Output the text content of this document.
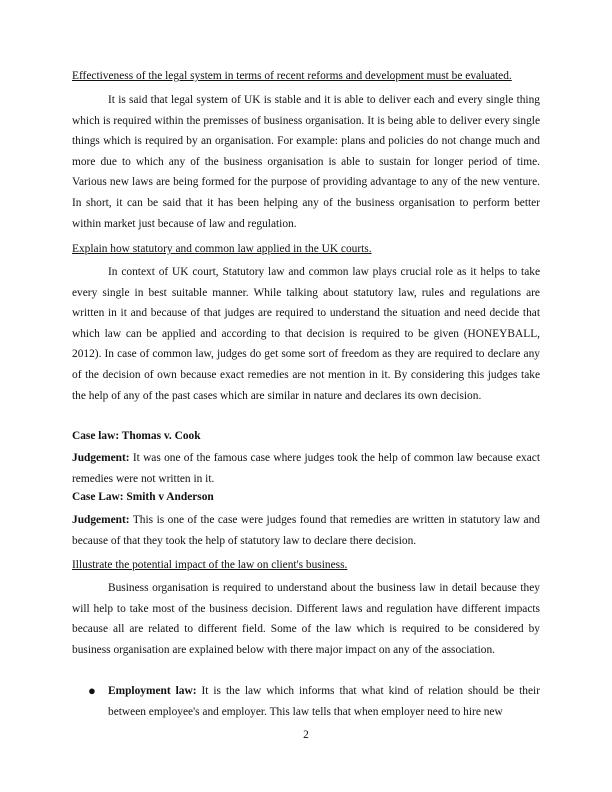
Effectiveness of the legal system in terms of recent reforms and development must be evaluated.

It is said that legal system of UK is stable and it is able to deliver each and every single thing which is required within the premisses of business organisation. It is being able to deliver every single things which is required by an organisation. For example: plans and policies do not change much and more due to which any of the business organisation is able to sustain for longer period of time. Various new laws are being formed for the purpose of providing advantage to any of the new venture. In short, it can be said that it has been helping any of the business organisation to perform better within market just because of law and regulation.

Explain how statutory and common law applied in the UK courts.

In context of UK court, Statutory law and common law plays crucial role as it helps to take every single in best suitable manner. While talking about statutory law, rules and regulations are written in it and because of that judges are required to understand the situation and need decide that which law can be applied and according to that decision is required to be given (HONEYBALL, 2012). In case of common law, judges do get some sort of freedom as they are required to declare any of the decision of own because exact remedies are not mention in it. By considering this judges take the help of any of the past cases which are similar in nature and declares its own decision.

Case law: Thomas v. Cook

Judgement: It was one of the famous case where judges took the help of common law because exact remedies were not written in it.

Case Law: Smith v Anderson

Judgement: This is one of the case were judges found that remedies are written in statutory law and because of that they took the help of statutory law to declare there decision.

Illustrate the potential impact of the law on client's business.

Business organisation is required to understand about the business law in detail because they will help to take most of the business decision. Different laws and regulation have different impacts because all are related to different field. Some of the law which is required to be considered by business organisation are explained below with there major impact on any of the association.

● Employment law: It is the law which informs that what kind of relation should be their between employee's and employer. This law tells that when employer need to hire new

2
